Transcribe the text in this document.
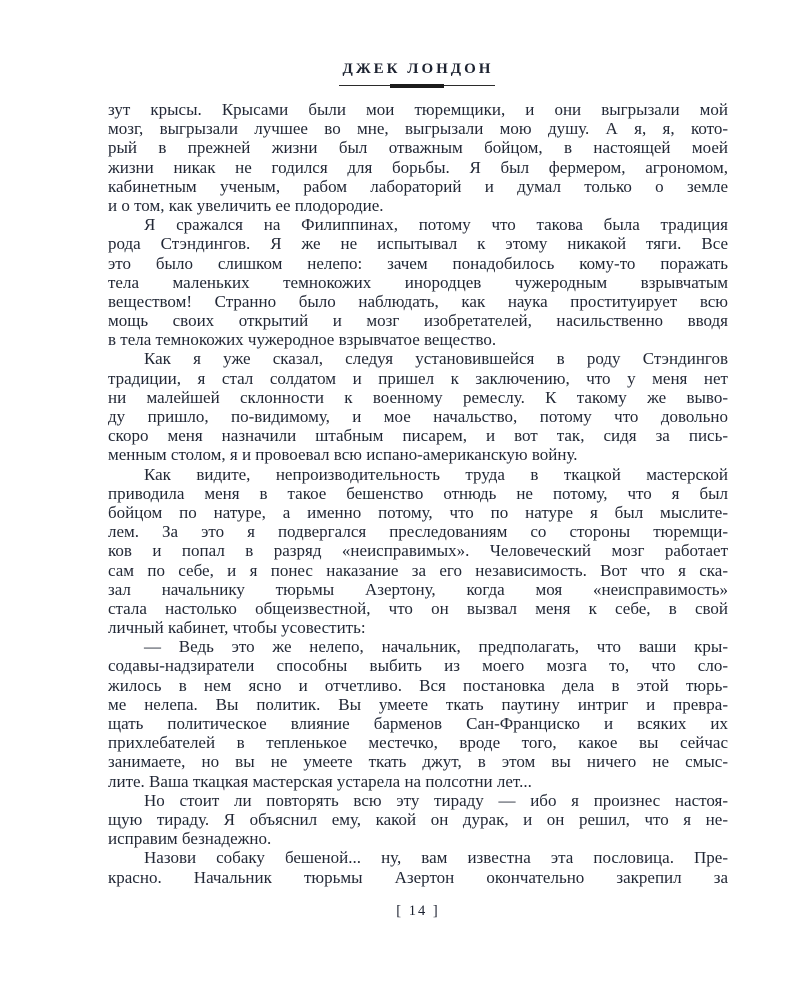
ДЖЕК ЛОНДОН
зут крысы. Крысами были мои тюремщики, и они выгрызали мой
мозг, выгрызали лучшее во мне, выгрызали мою душу. А я, я, кото-
рый в прежней жизни был отважным бойцом, в настоящей моей
жизни никак не годился для борьбы. Я был фермером, агрономом,
кабинетным ученым, рабом лабораторий и думал только о земле
и о том, как увеличить ее плодородие.
Я сражался на Филиппинах, потому что такова была традиция
рода Стэндингов. Я же не испытывал к этому никакой тяги. Все
это было слишком нелепо: зачем понадобилось кому-то поражать
тела маленьких темнокожих инородцев чужеродным взрывчатым
веществом! Странно было наблюдать, как наука проституирует всю
мощь своих открытий и мозг изобретателей, насильственно вводя
в тела темнокожих чужеродное взрывчатое вещество.
Как я уже сказал, следуя установившейся в роду Стэндингов
традиции, я стал солдатом и пришел к заключению, что у меня нет
ни малейшей склонности к военному ремеслу. К такому же выво-
ду пришло, по-видимому, и мое начальство, потому что довольно
скоро меня назначили штабным писарем, и вот так, сидя за пись-
менным столом, я и провоевал всю испано-американскую войну.
Как видите, непроизводительность труда в ткацкой мастерской
приводила меня в такое бешенство отнюдь не потому, что я был
бойцом по натуре, а именно потому, что по натуре я был мыслите-
лем. За это я подвергался преследованиям со стороны тюремщи-
ков и попал в разряд «неисправимых». Человеческий мозг работает
сам по себе, и я понес наказание за его независимость. Вот что я ска-
зал начальнику тюрьмы Азертону, когда моя «неисправимость»
стала настолько общеизвестной, что он вызвал меня к себе, в свой
личный кабинет, чтобы усовестить:
— Ведь это же нелепо, начальник, предполагать, что ваши кры-
содавы-надзиратели способны выбить из моего мозга то, что сло-
жилось в нем ясно и отчетливо. Вся постановка дела в этой тюрь-
ме нелепа. Вы политик. Вы умеете ткать паутину интриг и превра-
щать политическое влияние барменов Сан-Франциско и всяких их
прихлебателей в тепленькое местечко, вроде того, какое вы сейчас
занимаете, но вы не умеете ткать джут, в этом вы ничего не смыс-
лите. Ваша ткацкая мастерская устарела на полсотни лет...
Но стоит ли повторять всю эту тираду — ибо я произнес настоя-
щую тираду. Я объяснил ему, какой он дурак, и он решил, что я не-
исправим безнадежно.
Назови собаку бешеной... ну, вам известна эта пословица. Пре-
красно. Начальник тюрьмы Азертон окончательно закрепил за
[ 14 ]
